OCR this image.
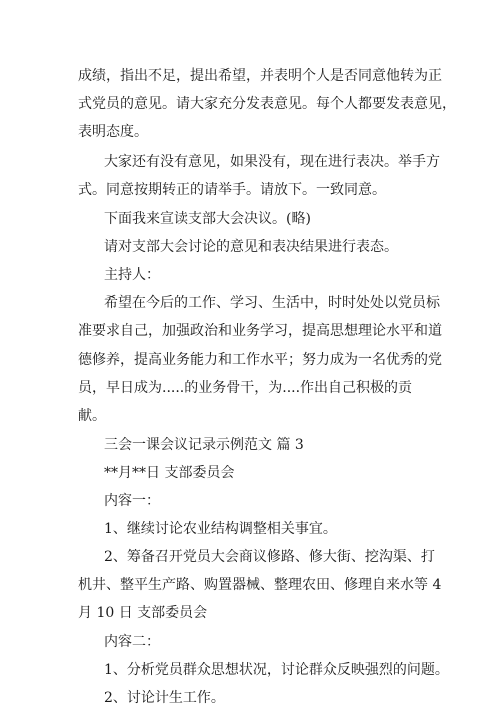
成绩，指出不足，提出希望，并表明个人是否同意他转为正
式党员的意见。请大家充分发表意见。每个人都要发表意见，
表明态度。
大家还有没有意见，如果没有，现在进行表决。举手方
式。同意按期转正的请举手。请放下。一致同意。
下面我来宣读支部大会决议。(略)
请对支部大会讨论的意见和表决结果进行表态。
主持人：
希望在今后的工作、学习、生活中，时时处处以党员标
准要求自己，加强政治和业务学习，提高思想理论水平和道
德修养，提高业务能力和工作水平；努力成为一名优秀的党
员，早日成为.....的业务骨干，为....作出自己积极的贡
献。
三会一课会议记录示例范文 篇 3
**月**日 支部委员会
内容一：
1、继续讨论农业结构调整相关事宜。
2、筹备召开党员大会商议修路、修大街、挖沟渠、打
机井、整平生产路、购置器械、整理农田、修理自来水等 4
月 10 日 支部委员会
内容二：
1、分析党员群众思想状况，讨论群众反映强烈的问题。
2、讨论计生工作。
